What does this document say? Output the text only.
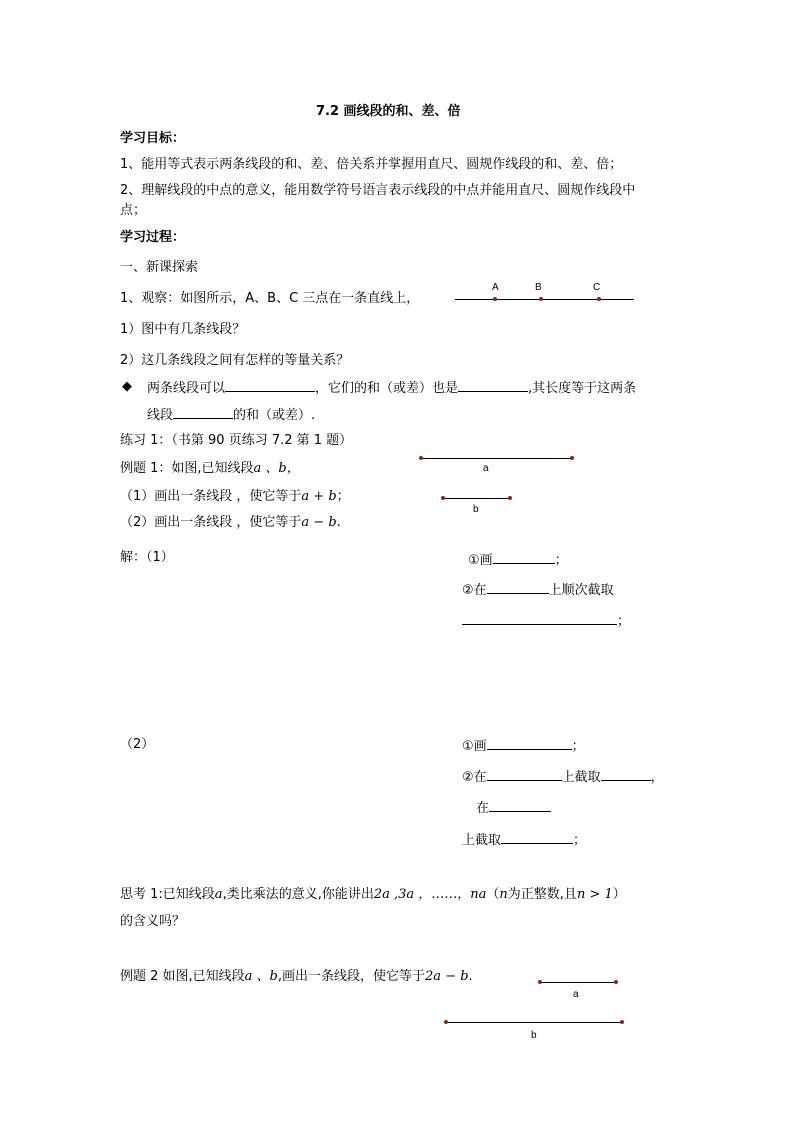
7.2 画线段的和、差、倍
学习目标：
1、能用等式表示两条线段的和、差、倍关系并掌握用直尺、圆规作线段的和、差、倍；
2、理解线段的中点的意义，能用数学符号语言表示线段的中点并能用直尺、圆规作线段中
点；
学习过程：
一、新课探索
1、观察：如图所示，A、B、C 三点在一条直线上，
A	B	C
1）图中有几条线段？
2）这几条线段之间有怎样的等量关系？
◆ 两条线段可以	，它们的和（或差）也是	,其长度等于这两条
线段	的和（或差）.
练习 1：（书第 90 页练习 7.2 第 1 题）
例题 1：如图,已知线段a 、b，
（1）画出一条线段 ，使它等于a + b；
（2）画出一条线段 ，使它等于a − b.
a
b
解：（1）	①画	；
②在	上顺次截取
；
（2）	①画	；
②在	上截取	，
在
上截取	；
思考 1:已知线段a,类比乘法的意义,你能讲出2a ,3a ，……，na（n为正整数,且n > 1）
的含义吗？
例题 2 如图,已知线段a 、b,画出一条线段，使它等于2a − b.
a
b
